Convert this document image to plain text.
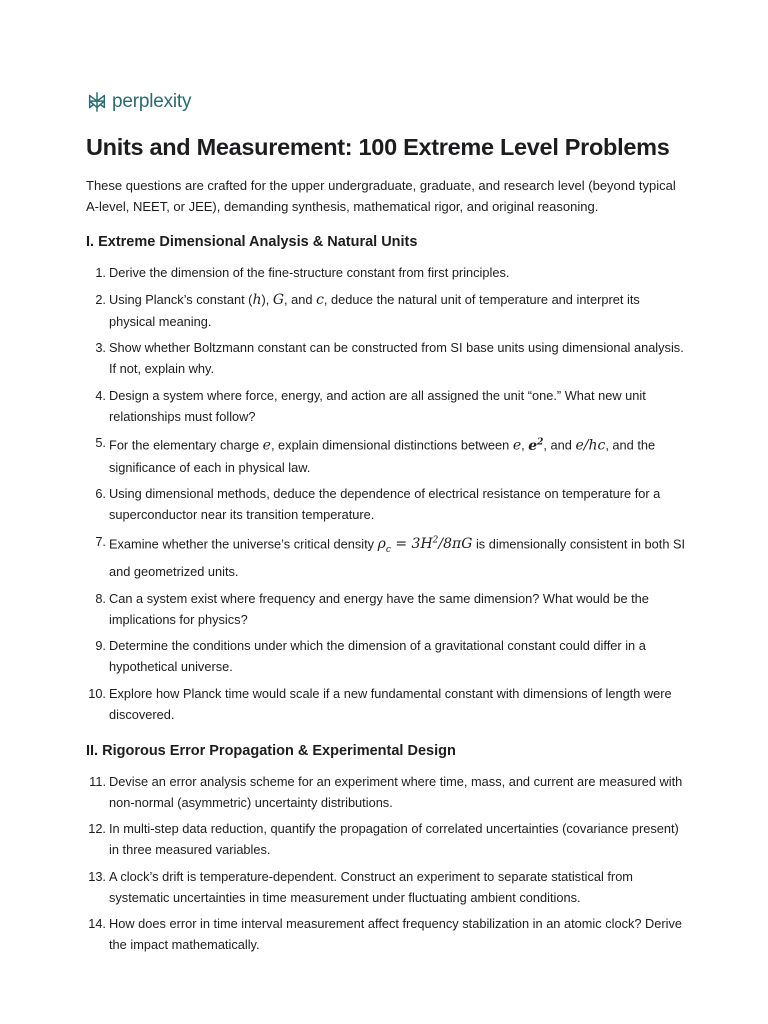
perplexity
Units and Measurement: 100 Extreme Level Problems

These questions are crafted for the upper undergraduate, graduate, and research level (beyond typical A-level, NEET, or JEE), demanding synthesis, mathematical rigor, and original reasoning.

I. Extreme Dimensional Analysis & Natural Units
1. Derive the dimension of the fine-structure constant from first principles.
2. Using Planck’s constant (h), G, and c, deduce the natural unit of temperature and interpret its physical meaning.
3. Show whether Boltzmann constant can be constructed from SI base units using dimensional analysis. If not, explain why.
4. Design a system where force, energy, and action are all assigned the unit “one.” What new unit relationships must follow?
5. For the elementary charge e, explain dimensional distinctions between e, $e^2$, and e/hc, and the significance of each in physical law.
6. Using dimensional methods, deduce the dependence of electrical resistance on temperature for a superconductor near its transition temperature.
7. Examine whether the universe’s critical density $\rho_c = 3H^2/8\pi G$ is dimensionally consistent in both SI and geometrized units.
8. Can a system exist where frequency and energy have the same dimension? What would be the implications for physics?
9. Determine the conditions under which the dimension of a gravitational constant could differ in a hypothetical universe.
10. Explore how Planck time would scale if a new fundamental constant with dimensions of length were discovered.
II. Rigorous Error Propagation & Experimental Design
11. Devise an error analysis scheme for an experiment where time, mass, and current are measured with non-normal (asymmetric) uncertainty distributions.
12. In multi-step data reduction, quantify the propagation of correlated uncertainties (covariance present) in three measured variables.
13. A clock’s drift is temperature-dependent. Construct an experiment to separate statistical from systematic uncertainties in time measurement under fluctuating ambient conditions.
14. How does error in time interval measurement affect frequency stabilization in an atomic clock? Derive the impact mathematically.
